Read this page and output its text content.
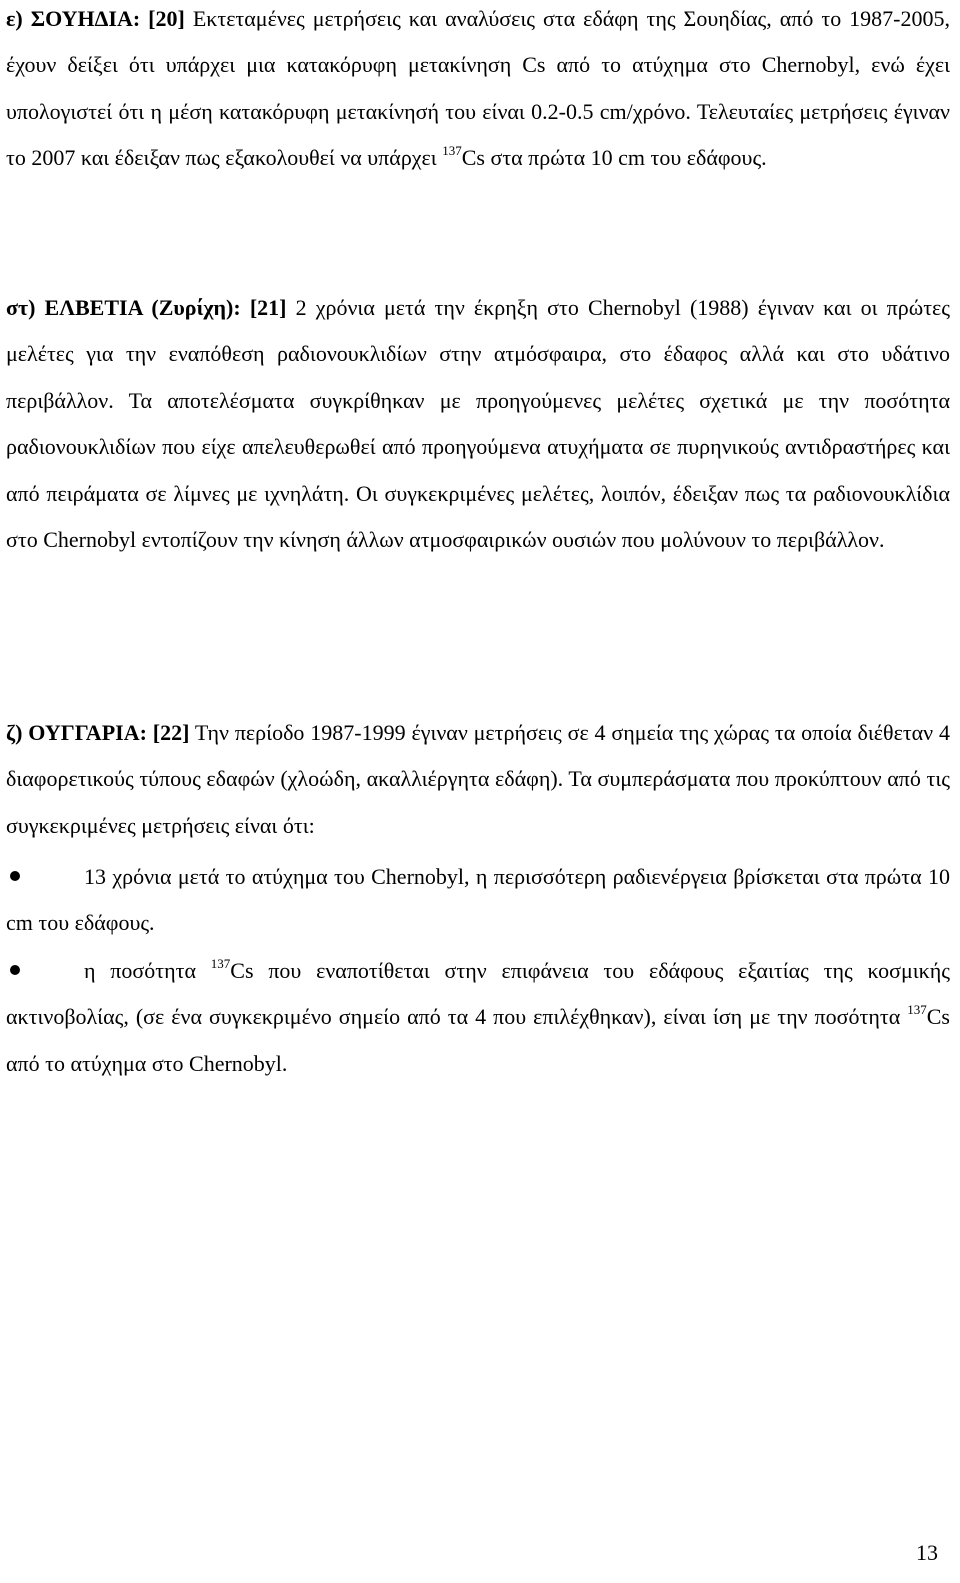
ε) ΣΟΥΗΔΙΑ: [20] Εκτεταμένες μετρήσεις και αναλύσεις στα εδάφη της Σουηδίας, από το 1987-2005, έχουν δείξει ότι υπάρχει μια κατακόρυφη μετακίνηση Cs από το ατύχημα στο Chernobyl, ενώ έχει υπολογιστεί ότι η μέση κατακόρυφη μετακίνησή του είναι 0.2-0.5 cm/χρόνο. Τελευταίες μετρήσεις έγιναν το 2007 και έδειξαν πως εξακολουθεί να υπάρχει $^{137}$Cs στα πρώτα 10 cm του εδάφους.

στ) ΕΛΒΕΤΙΑ (Ζυρίχη): [21] 2 χρόνια μετά την έκρηξη στο Chernobyl (1988) έγιναν και οι πρώτες μελέτες για την εναπόθεση ραδιονουκλιδίων στην ατμόσφαιρα, στο έδαφος αλλά και στο υδάτινο περιβάλλον. Τα αποτελέσματα συγκρίθηκαν με προηγούμενες μελέτες σχετικά με την ποσότητα ραδιονουκλιδίων που είχε απελευθερωθεί από προηγούμενα ατυχήματα σε πυρηνικούς αντιδραστήρες και από πειράματα σε λίμνες με ιχνηλάτη. Οι συγκεκριμένες μελέτες, λοιπόν, έδειξαν πως τα ραδιονουκλίδια στο Chernobyl εντοπίζουν την κίνηση άλλων ατμοσφαιρικών ουσιών που μολύνουν το περιβάλλον.

ζ) ΟΥΓΓΑΡΙΑ: [22] Την περίοδο 1987-1999 έγιναν μετρήσεις σε 4 σημεία της χώρας τα οποία διέθεταν 4 διαφορετικούς τύπους εδαφών (χλοώδη, ακαλλιέργητα εδάφη). Τα συμπεράσματα που προκύπτουν από τις συγκεκριμένες μετρήσεις είναι ότι:

13 χρόνια μετά το ατύχημα του Chernobyl, η περισσότερη ραδιενέργεια βρίσκεται στα πρώτα 10 cm του εδάφους.

η ποσότητα $^{137}$Cs που εναποτίθεται στην επιφάνεια του εδάφους εξαιτίας της κοσμικής ακτινοβολίας, (σε ένα συγκεκριμένο σημείο από τα 4 που επιλέχθηκαν), είναι ίση με την ποσότητα $^{137}$Cs από το ατύχημα στο Chernobyl.

13
